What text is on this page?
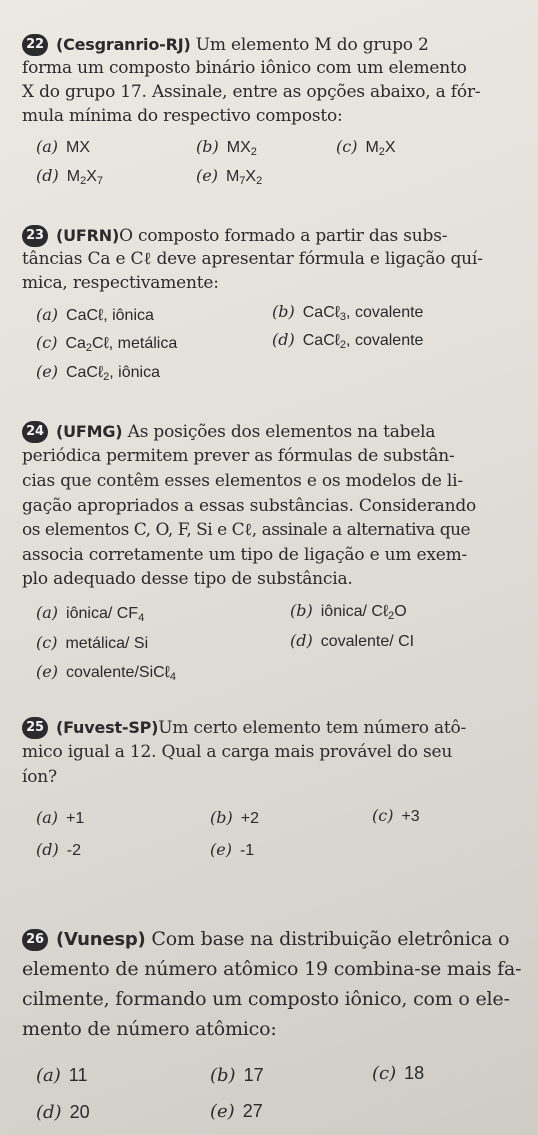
22 (Cesgranrio-RJ) Um elemento M do grupo 2
forma um composto binário iônico com um elemento
X do grupo 17. Assinale, entre as opções abaixo, a fór-
mula mínima do respectivo composto:
(a) MX	(b) $MX_2$	(c) $M_2X$
(d) $M_2X_7$	(e) $M_7X_2$
23 (UFRN)O composto formado a partir das subs-
tâncias Ca e Cℓ deve apresentar fórmula e ligação quí-
mica, respectivamente:
(a) CaCℓ, iônica	(b) CaCℓ$_3$, covalente
(c) $Ca_2C\ell$, metálica	(d) CaCℓ$_2$, covalente
(e) CaCℓ$_2$, iônica
24 (UFMG) As posições dos elementos na tabela
periódica permitem prever as fórmulas de substân-
cias que contêm esses elementos e os modelos de li-
gação apropriados a essas substâncias. Considerando
os elementos C, O, F, Si e Cℓ, assinale a alternativa que
associa corretamente um tipo de ligação e um exem-
plo adequado desse tipo de substância.
(a) iônica/ $CF_4$	(b) iônica/ Cℓ$_2$O
(c) metálica/ Si	(d) covalente/ CI
(e) covalente/SiCℓ$_4$
25 (Fuvest-SP)Um certo elemento tem número atô-
mico igual a 12. Qual a carga mais provável do seu
íon?
(a) +1	(b) +2	(c) +3
(d) -2	(e) -1
26 (Vunesp) Com base na distribuição eletrônica o
elemento de número atômico 19 combina-se mais fa-
cilmente, formando um composto iônico, com o ele-
mento de número atômico:
(a) 11	(b) 17	(c) 18
(d) 20	(e) 27
